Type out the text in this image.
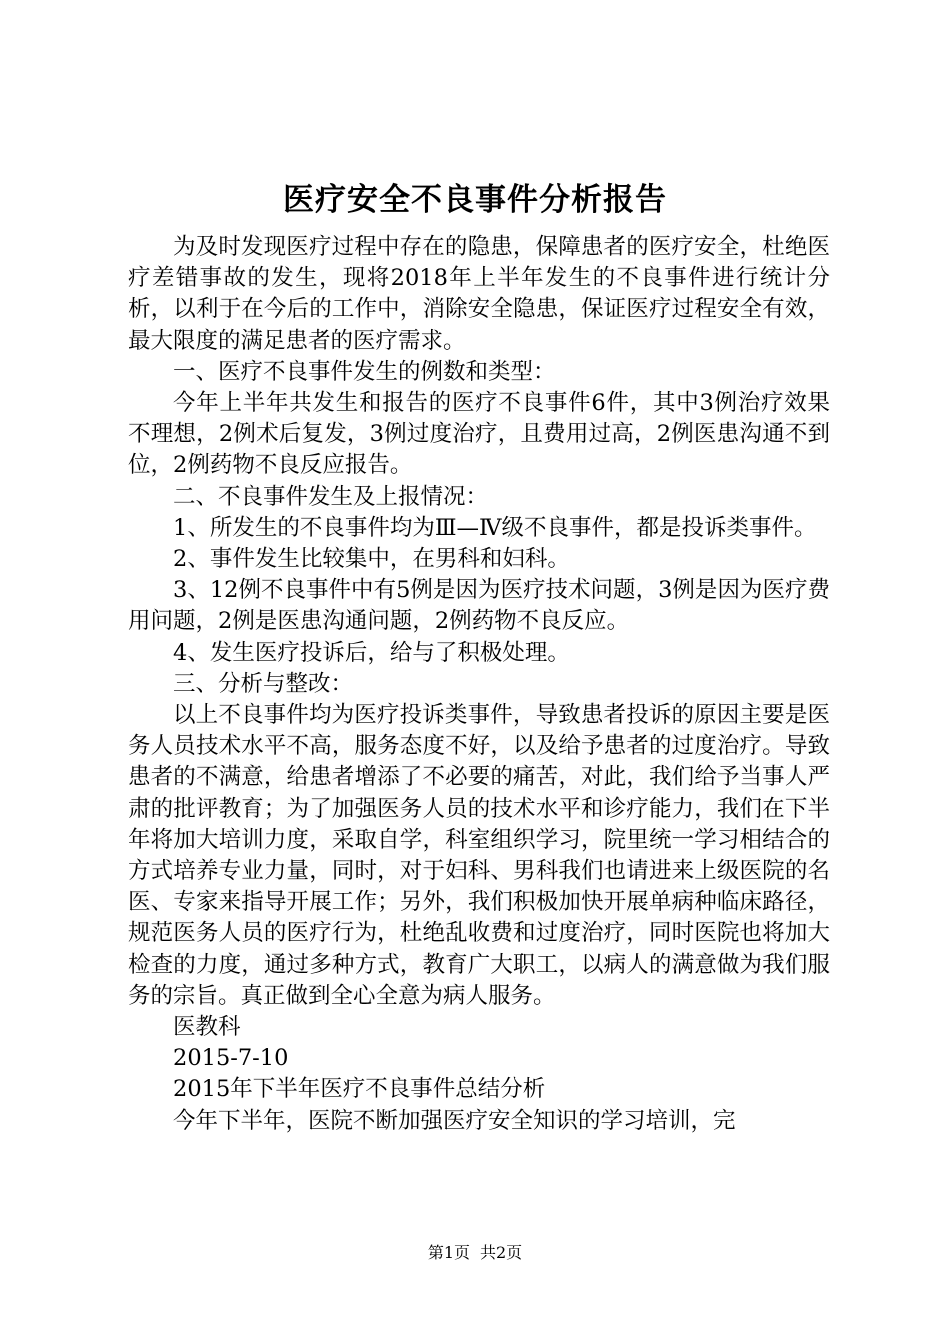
医疗安全不良事件分析报告

为及时发现医疗过程中存在的隐患，保障患者的医疗安全，杜绝医疗差错事故的发生，现将2018年上半年发生的不良事件进行统计分析，以利于在今后的工作中，消除安全隐患，保证医疗过程安全有效，最大限度的满足患者的医疗需求。

一、医疗不良事件发生的例数和类型：

今年上半年共发生和报告的医疗不良事件6件，其中3例治疗效果不理想，2例术后复发，3例过度治疗，且费用过高，2例医患沟通不到位，2例药物不良反应报告。

二、不良事件发生及上报情况：

1、所发生的不良事件均为Ⅲ—Ⅳ级不良事件，都是投诉类事件。

2、事件发生比较集中，在男科和妇科。

3、12例不良事件中有5例是因为医疗技术问题，3例是因为医疗费用问题，2例是医患沟通问题，2例药物不良反应。

4、发生医疗投诉后，给与了积极处理。

三、分析与整改：

以上不良事件均为医疗投诉类事件，导致患者投诉的原因主要是医务人员技术水平不高，服务态度不好，以及给予患者的过度治疗。导致患者的不满意，给患者增添了不必要的痛苦，对此，我们给予当事人严肃的批评教育；为了加强医务人员的技术水平和诊疗能力，我们在下半年将加大培训力度，采取自学，科室组织学习，院里统一学习相结合的方式培养专业力量，同时，对于妇科、男科我们也请进来上级医院的名医、专家来指导开展工作；另外，我们积极加快开展单病种临床路径，规范医务人员的医疗行为，杜绝乱收费和过度治疗，同时医院也将加大检查的力度，通过多种方式，教育广大职工，以病人的满意做为我们服务的宗旨。真正做到全心全意为病人服务。

医教科

2015-7-10

2015年下半年医疗不良事件总结分析

今年下半年，医院不断加强医疗安全知识的学习培训，完

第1页 共2页
